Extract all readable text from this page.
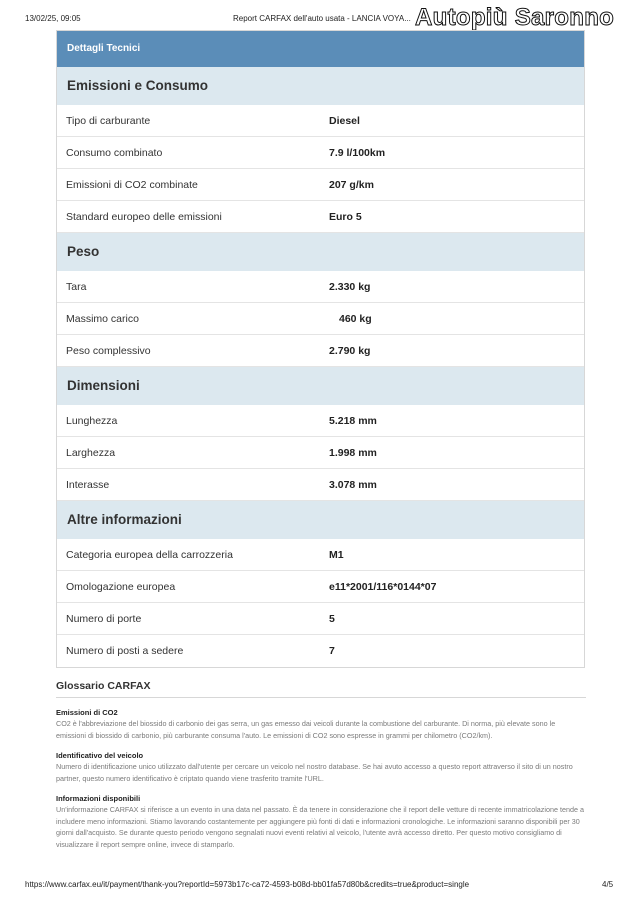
13/02/25, 09:05	Report CARFAX dell'auto usata - LANCIA VOYA... Autopiù Saronno
Dettagli Tecnici
Emissioni e Consumo
Tipo di carburante	Diesel
Consumo combinato	7.9 l/100km
Emissioni di CO2 combinate	207 g/km
Standard europeo delle emissioni	Euro 5
Peso
Tara	2.330 kg
Massimo carico	460 kg
Peso complessivo	2.790 kg
Dimensioni
Lunghezza	5.218 mm
Larghezza	1.998 mm
Interasse	3.078 mm
Altre informazioni
Categoria europea della carrozzeria	M1
Omologazione europea	e11*2001/116*0144*07
Numero di porte	5
Numero di posti a sedere	7
Glossario CARFAX
Emissioni di CO2

CO2 è l'abbreviazione del biossido di carbonio dei gas serra, un gas emesso dai veicoli durante la combustione del carburante. Di norma, più elevate sono le emissioni di biossido di carbonio, più carburante consuma l'auto. Le emissioni di CO2 sono espresse in grammi per chilometro (CO2/km).

Identificativo del veicolo

Numero di identificazione unico utilizzato dall'utente per cercare un veicolo nel nostro database. Se hai avuto accesso a questo report attraverso il sito di un nostro partner, questo numero identificativo è criptato quando viene trasferito tramite l'URL.

Informazioni disponibili

Un'informazione CARFAX si riferisce a un evento in una data nel passato. È da tenere in considerazione che il report delle vetture di recente immatricolazione tende a includere meno informazioni. Stiamo lavorando costantemente per aggiungere più fonti di dati e informazioni cronologiche. Le informazioni saranno disponibili per 30 giorni dall'acquisto. Se durante questo periodo vengono segnalati nuovi eventi relativi al veicolo, l'utente avrà accesso diretto. Per questo motivo consigliamo di visualizzare il report sempre online, invece di stamparlo.

https://www.carfax.eu/it/payment/thank-you?reportId=5973b17c-ca72-4593-b08d-bb01fa57d80b&credits=true&product=single	4/5
